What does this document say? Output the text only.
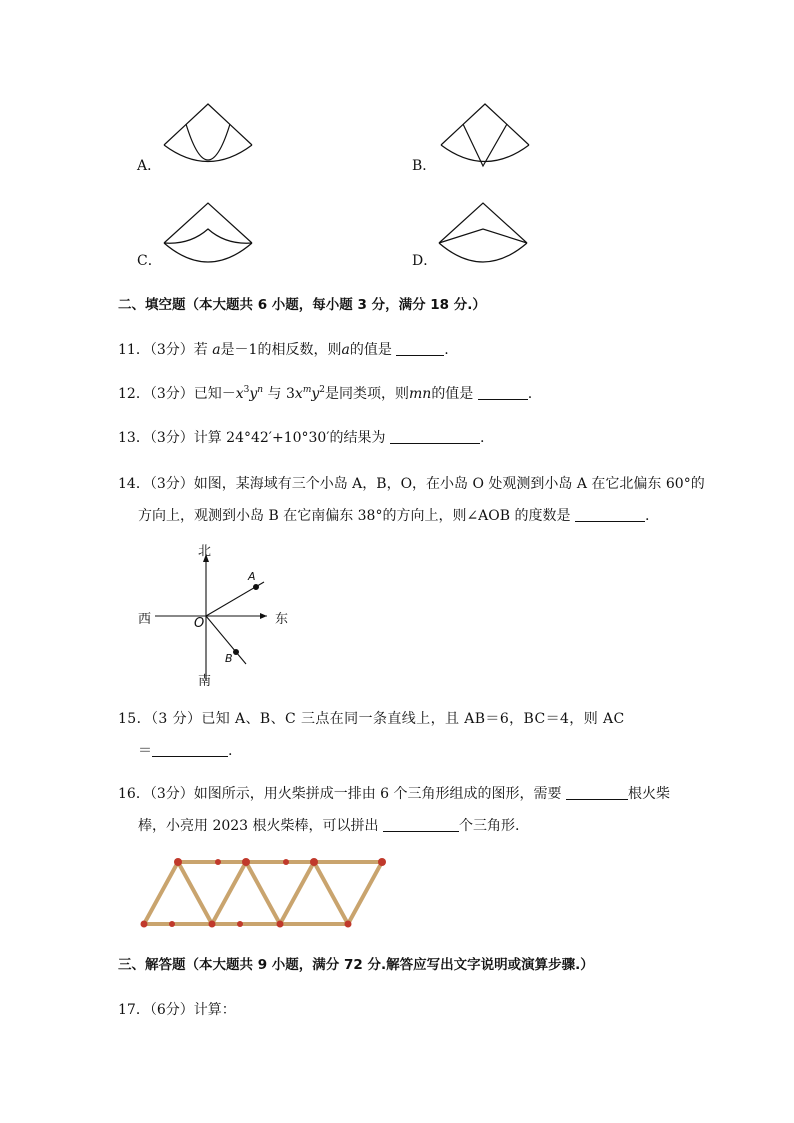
A．	B．
C．	D．
二、填空题（本大题共 6 小题，每小题 3 分，满分 18 分.）
11．（3分）若 a是－1的相反数，则a的值是	.
12．（3分）已知$-x^3y^n$ 与 $3x^my^2$是同类项，则mn的值是	.
13．（3分）计算 24°42′+10°30′的结果为	.
14．（3分）如图，某海域有三个小岛 A，B，O，在小岛 O 处观测到小岛 A 在它北偏东 60°的
方向上，观测到小岛 B 在它南偏东 38°的方向上，则∠AOB 的度数是	.
北
南
西	东
O
A
B
15．（3 分）已知 A、B、C 三点在同一条直线上，且 AB＝6，BC＝4，则 AC
＝	.
16．（3分）如图所示，用火柴拼成一排由 6 个三角形组成的图形，需要	根火柴
棒，小亮用 2023 根火柴棒，可以拼出	个三角形.
三、解答题（本大题共 9 小题，满分 72 分.解答应写出文字说明或演算步骤.）
17．（6分）计算：
